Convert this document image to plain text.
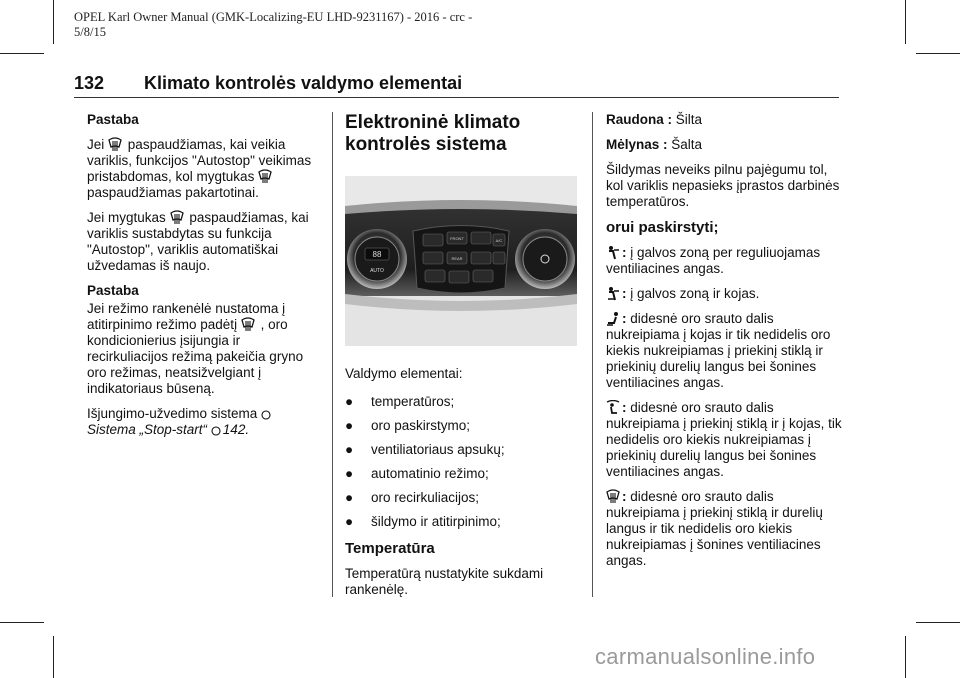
OPEL Karl Owner Manual (GMK-Localizing-EU LHD-9231167) - 2016 - crc -
5/8/15
132 Klimato kontrolės valdymo elementai

Pastaba

Jei paspaudžiamas, kai veikia variklis, funkcijos "Autostop" veikimas pristabdomas, kol mygtukas  paspaudžiamas pakartotinai.

Jei mygtukas paspaudžiamas, kai variklis sustabdytas su funkcija "Autostop", variklis automatiškai užvedamas iš naujo.

Pastaba

Jei režimo rankenėlė nustatoma į atitirpinimo režimo padėtį , oro kondicionierius įsijungia ir recirkuliacijos režimą pakeičia gryno oro režimas, neatsižvelgiant į indikatoriaus būseną.

Išjungimo-užvedimo sistema
Sistema „Stop-start“ 142.

Elektroninė klimato kontrolės sistema
88
AUTO
FRONT	A/C
REAR

Valdymo elementai:

●	temperatūros;
●	oro paskirstymo;
●	ventiliatoriaus apsukų;
●	automatinio režimo;
●	oro recirkuliacijos;
●	šildymo ir atitirpinimo;
Temperatūra

Temperatūrą nustatykite sukdami rankenėlę.

Raudona : Šilta

Mėlynas : Šalta

Šildymas neveiks pilnu pajėgumu tol, kol variklis nepasieks įprastos darbinės temperatūros.

orui paskirstyti;

: į galvos zoną per reguliuojamas ventiliacines angas.

: į galvos zoną ir kojas.

: didesnė oro srauto dalis nukreipiama į kojas ir tik nedidelis oro kiekis nukreipiamas į priekinį stiklą ir priekinių durelių langus bei šonines ventiliacines angas.

: didesnė oro srauto dalis nukreipiama į priekinį stiklą ir į kojas, tik nedidelis oro kiekis nukreipiamas į priekinių durelių langus bei šonines ventiliacines angas.

: didesnė oro srauto dalis nukreipiama į priekinį stiklą ir durelių langus ir tik nedidelis oro kiekis nukreipiamas į šonines ventiliacines angas.

carmanualsonline.info
